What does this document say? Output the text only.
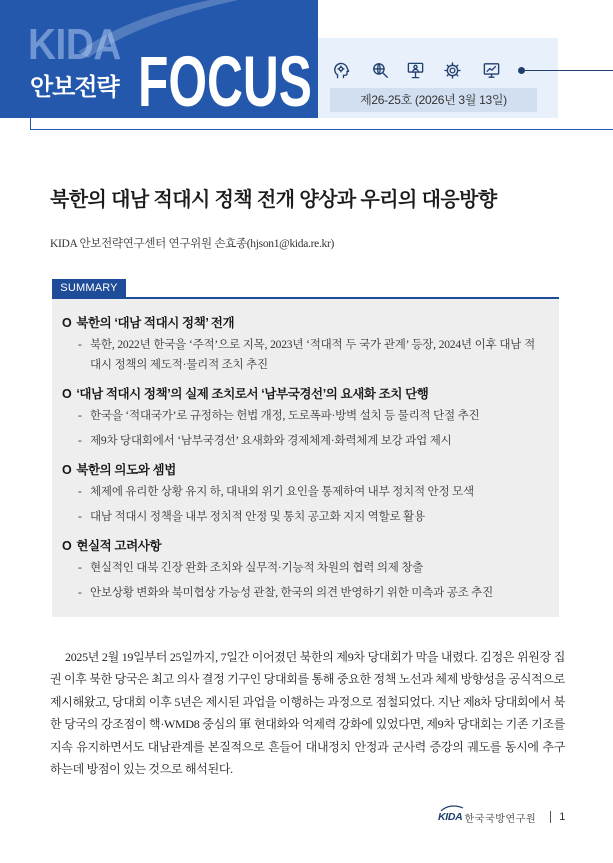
KIDA
안보전략 FOCUS	제26-25호 (2026년 3월 13일)
북한의 대남 적대시 정책 전개 양상과 우리의 대응방향
KIDA 안보전략연구센터 연구위원 손효종(hjson1@kida.re.kr)
SUMMARY
O 북한의 ‘대남 적대시 정책’ 전개
- 북한, 2022년 한국을 ‘주적’으로 지목, 2023년 ‘적대적 두 국가 관계’ 등장, 2024년 이후 대남 적대시 정책의 제도적·물리적 조치 추진
O ‘대남 적대시 정책’의 실제 조치로서 ‘남부국경선’의 요새화 조치 단행
- 한국을 ‘적대국가’로 규정하는 헌법 개정, 도로폭파·방벽 설치 등 물리적 단절 추진
- 제9차 당대회에서 ‘남부국경선’ 요새화와 경제체계·화력체계 보강 과업 제시
O 북한의 의도와 셈법
- 체제에 유리한 상황 유지 하, 대내외 위기 요인을 통제하여 내부 정치적 안정 모색
- 대남 적대시 정책을 내부 정치적 안정 및 통치 공고화 지지 역할로 활용
O 현실적 고려사항
- 현실적인 대북 긴장 완화 조치와 실무적·기능적 차원의 협력 의제 창출
- 안보상황 변화와 북미협상 가능성 관찰, 한국의 의견 반영하기 위한 미측과 공조 추진

2025년 2월 19일부터 25일까지, 7일간 이어졌던 북한의 제9차 당대회가 막을 내렸다. 김정은 위원장 집권 이후 북한 당국은 최고 의사 결정 기구인 당대회를 통해 중요한 정책 노선과 체제 방향성을 공식적으로 제시해왔고, 당대회 이후 5년은 제시된 과업을 이행하는 과정으로 점철되었다. 지난 제8차 당대회에서 북한 당국의 강조점이 핵·WMD8 중심의 軍 현대화와 억제력 강화에 있었다면, 제9차 당대회는 기존 기조를 지속 유지하면서도 대남관계를 본질적으로 흔들어 대내정치 안정과 군사력 증강의 궤도를 동시에 추구하는데 방점이 있는 것으로 해석된다.

KIDA 한국국방연구원 1
